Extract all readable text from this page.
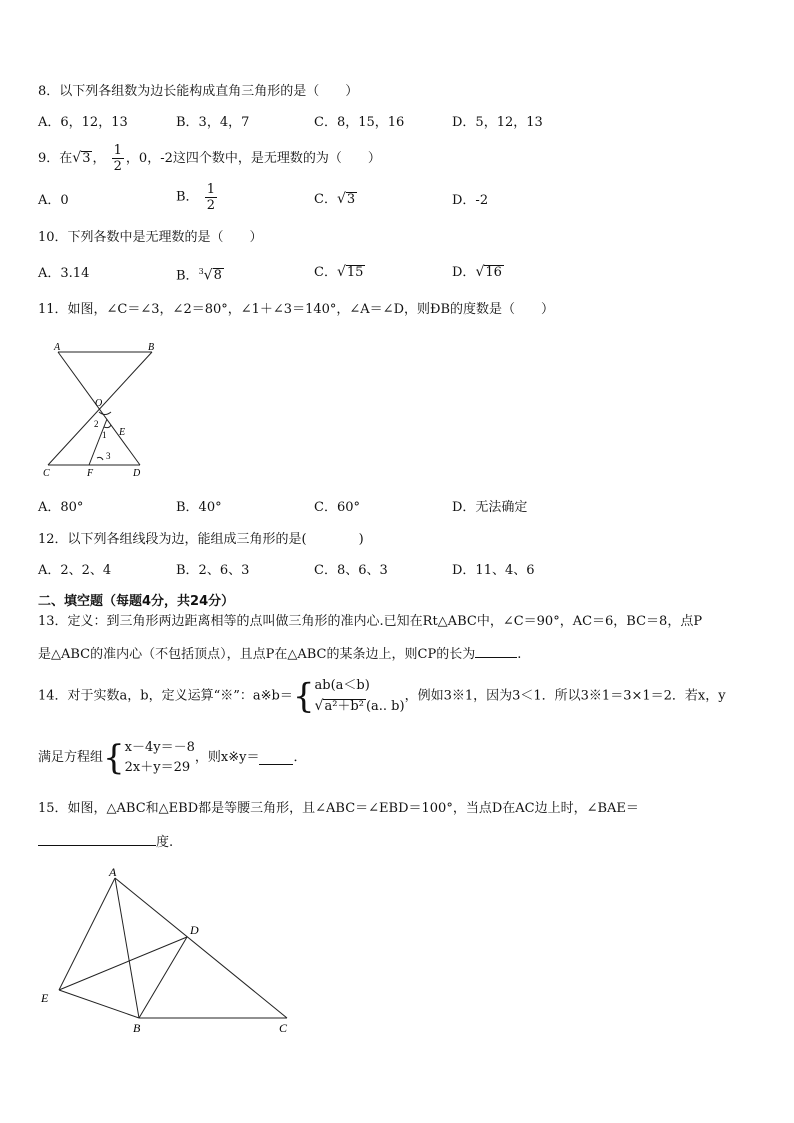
8．以下列各组数为边长能构成直角三角形的是（　　）
A．6，12，13	B．3，4，7	C．8，15，16	D．5，12，13
9．在√3 ， $\frac{1}{2}$ ，0，-2这四个数中，是无理数的为（　　）
A．0	B． $\frac{1}{2}$	C．√3	D．-2
10．下列各数中是无理数的是（　　）
A．3.14	B．$^3$√8	C．√15	D．√16
11．如图，∠C＝∠3，∠2＝80°，∠1＋∠3＝140°，∠A＝∠D，则ÐB的度数是（　　）
A	B
O
E
C	F	D
2
1
3
A．80°	B．40°	C．60°	D．无法确定
12．以下列各组线段为边，能组成三角形的是(　　　　)
A．2、2、4	B．2、6、3	C．8、6、3	D．11、4、6
二、填空题（每题4分，共24分）
13．定义：到三角形两边距离相等的点叫做三角形的准内心.已知在Rt△ABC中，∠C＝90°，AC＝6，BC＝8，点P
是△ABC的准内心（不包括顶点），且点P在△ABC的某条边上，则CP的长为	.
14．对于实数a，b，定义运算“※”：a※b＝{ ab(a＜b)
√a²＋b² (a.. b)
，例如3※1，因为3＜1．所以3※1＝3×1＝2．若x，y
满足方程组{ x－4y＝－8
2x＋y＝29
，则x※y＝	．
15．如图，△ABC和△EBD都是等腰三角形，且∠ABC＝∠EBD＝100°，当点D在AC边上时，∠BAE＝
度.
A
D
E
B	C
